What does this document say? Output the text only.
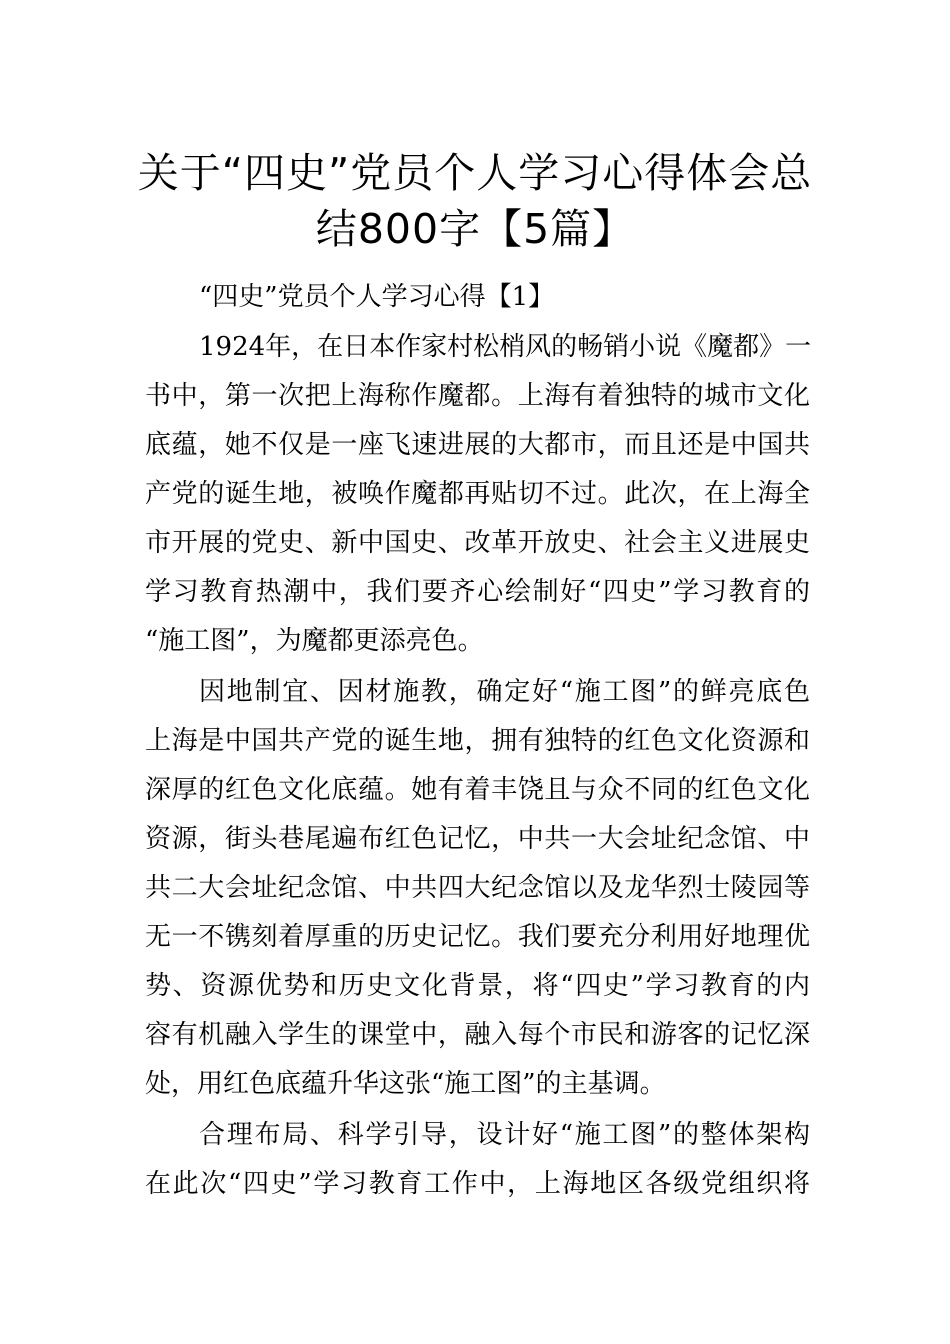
关于“四史”党员个人学习心得体会总
结800字【5篇】
“四史”党员个人学习心得【1】
1924年，在日本作家村松梢风的畅销小说《魔都》一
书中，第一次把上海称作魔都。上海有着独特的城市文化
底蕴，她不仅是一座飞速进展的大都市，而且还是中国共
产党的诞生地，被唤作魔都再贴切不过。此次，在上海全
市开展的党史、新中国史、改革开放史、社会主义进展史
学习教育热潮中，我们要齐心绘制好“四史”学习教育的
“施工图”，为魔都更添亮色。
因地制宜、因材施教，确定好“施工图”的鲜亮底色
上海是中国共产党的诞生地，拥有独特的红色文化资源和
深厚的红色文化底蕴。她有着丰饶且与众不同的红色文化
资源，街头巷尾遍布红色记忆，中共一大会址纪念馆、中
共二大会址纪念馆、中共四大纪念馆以及龙华烈士陵园等
无一不镌刻着厚重的历史记忆。我们要充分利用好地理优
势、资源优势和历史文化背景，将“四史”学习教育的内
容有机融入学生的课堂中，融入每个市民和游客的记忆深
处，用红色底蕴升华这张“施工图”的主基调。
合理布局、科学引导，设计好“施工图”的整体架构
在此次“四史”学习教育工作中，上海地区各级党组织将
